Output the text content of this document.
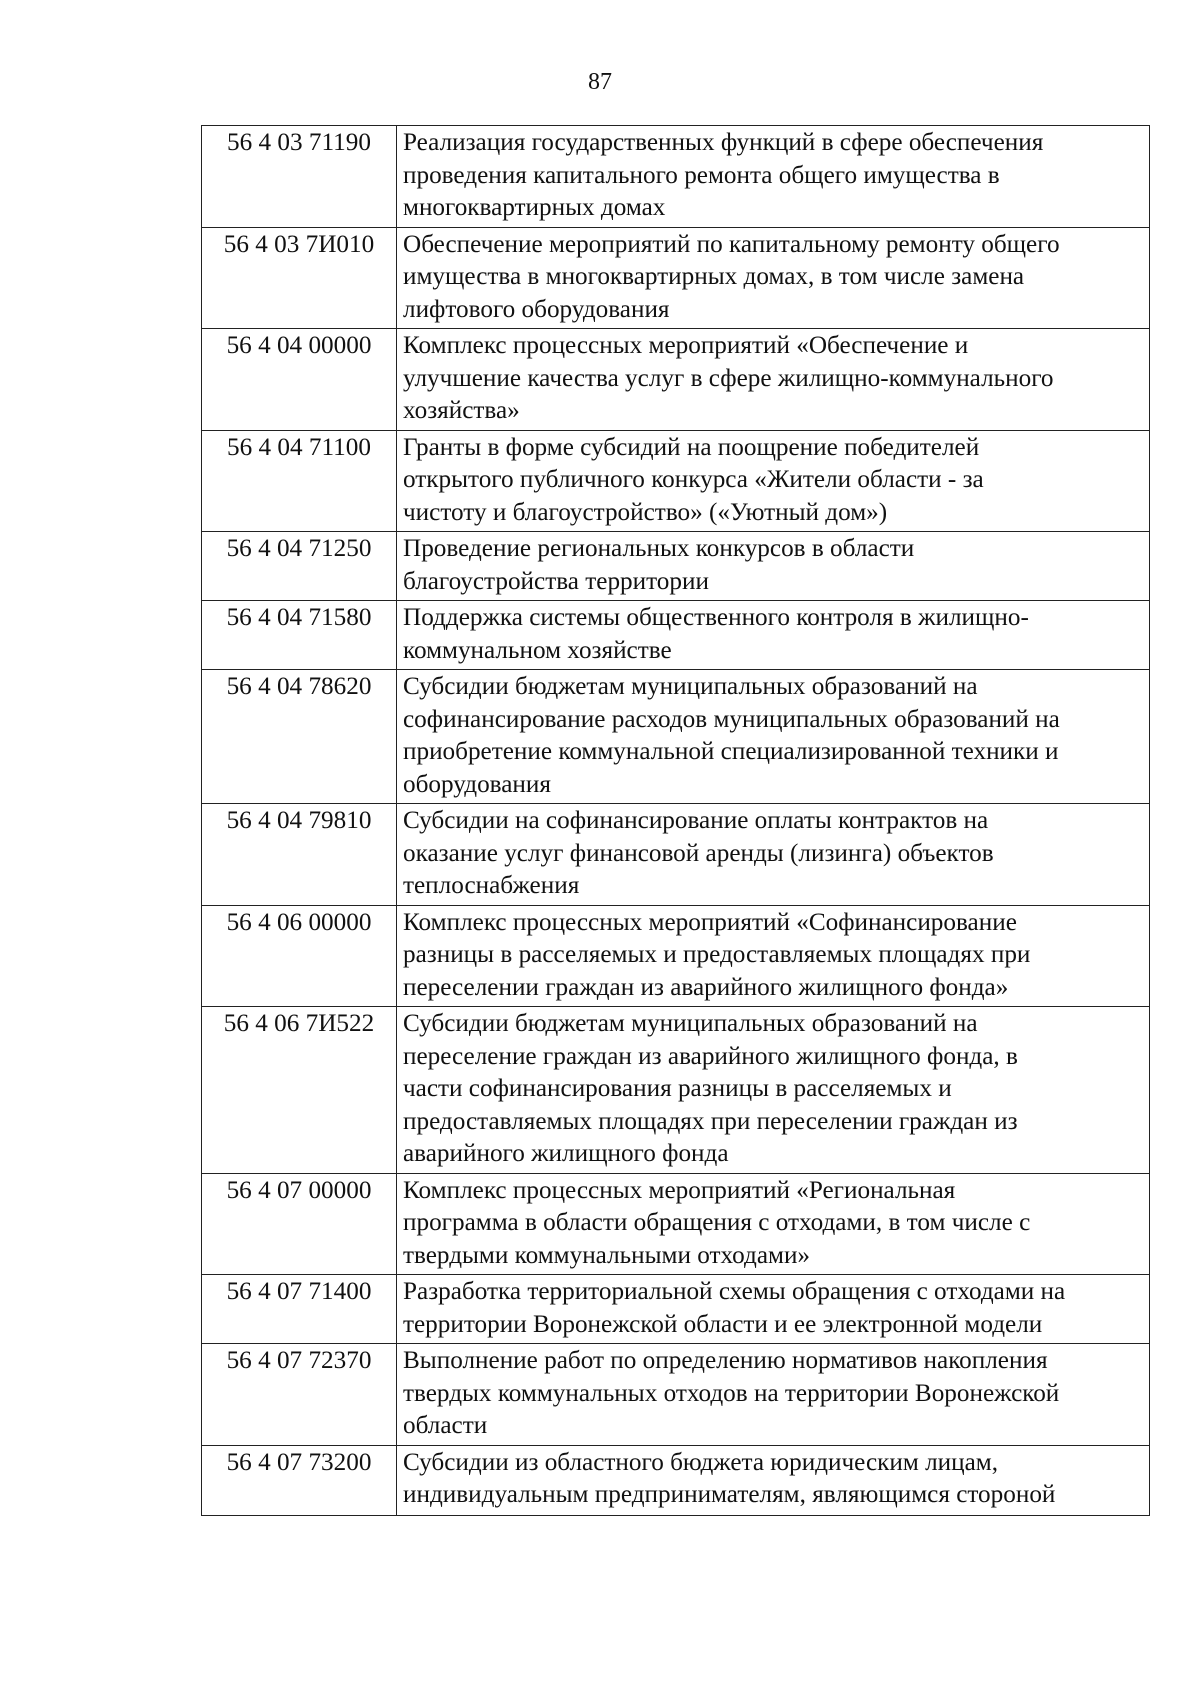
87
56 4 03 71190	Реализация государственных функций в сфере обеспечения
проведения капитального ремонта общего имущества в
многоквартирных домах

56 4 03 7И010	Обеспечение мероприятий по капитальному ремонту общего
имущества в многоквартирных домах, в том числе замена
лифтового оборудования

56 4 04 00000	Комплекс процессных мероприятий «Обеспечение и
улучшение качества услуг в сфере жилищно-коммунального
хозяйства»

56 4 04 71100	Гранты в форме субсидий на поощрение победителей
открытого публичного конкурса «Жители области - за
чистоту и благоустройство» («Уютный дом»)

56 4 04 71250	Проведение региональных конкурсов в области
благоустройства территории

56 4 04 71580	Поддержка системы общественного контроля в жилищно-
коммунальном хозяйстве

56 4 04 78620	Субсидии бюджетам муниципальных образований на
софинансирование расходов муниципальных образований на
приобретение коммунальной специализированной техники и
оборудования

56 4 04 79810	Субсидии на софинансирование оплаты контрактов на
оказание услуг финансовой аренды (лизинга) объектов
теплоснабжения

56 4 06 00000	Комплекс процессных мероприятий «Софинансирование
разницы в расселяемых и предоставляемых площадях при
переселении граждан из аварийного жилищного фонда»

56 4 06 7И522	Субсидии бюджетам муниципальных образований на
переселение граждан из аварийного жилищного фонда, в
части софинансирования разницы в расселяемых и
предоставляемых площадях при переселении граждан из
аварийного жилищного фонда

56 4 07 00000	Комплекс процессных мероприятий «Региональная
программа в области обращения с отходами, в том числе с
твердыми коммунальными отходами»

56 4 07 71400	Разработка территориальной схемы обращения с отходами на
территории Воронежской области и ее электронной модели

56 4 07 72370	Выполнение работ по определению нормативов накопления
твердых коммунальных отходов на территории Воронежской
области

56 4 07 73200	Субсидии из областного бюджета юридическим лицам,
индивидуальным предпринимателям, являющимся стороной
